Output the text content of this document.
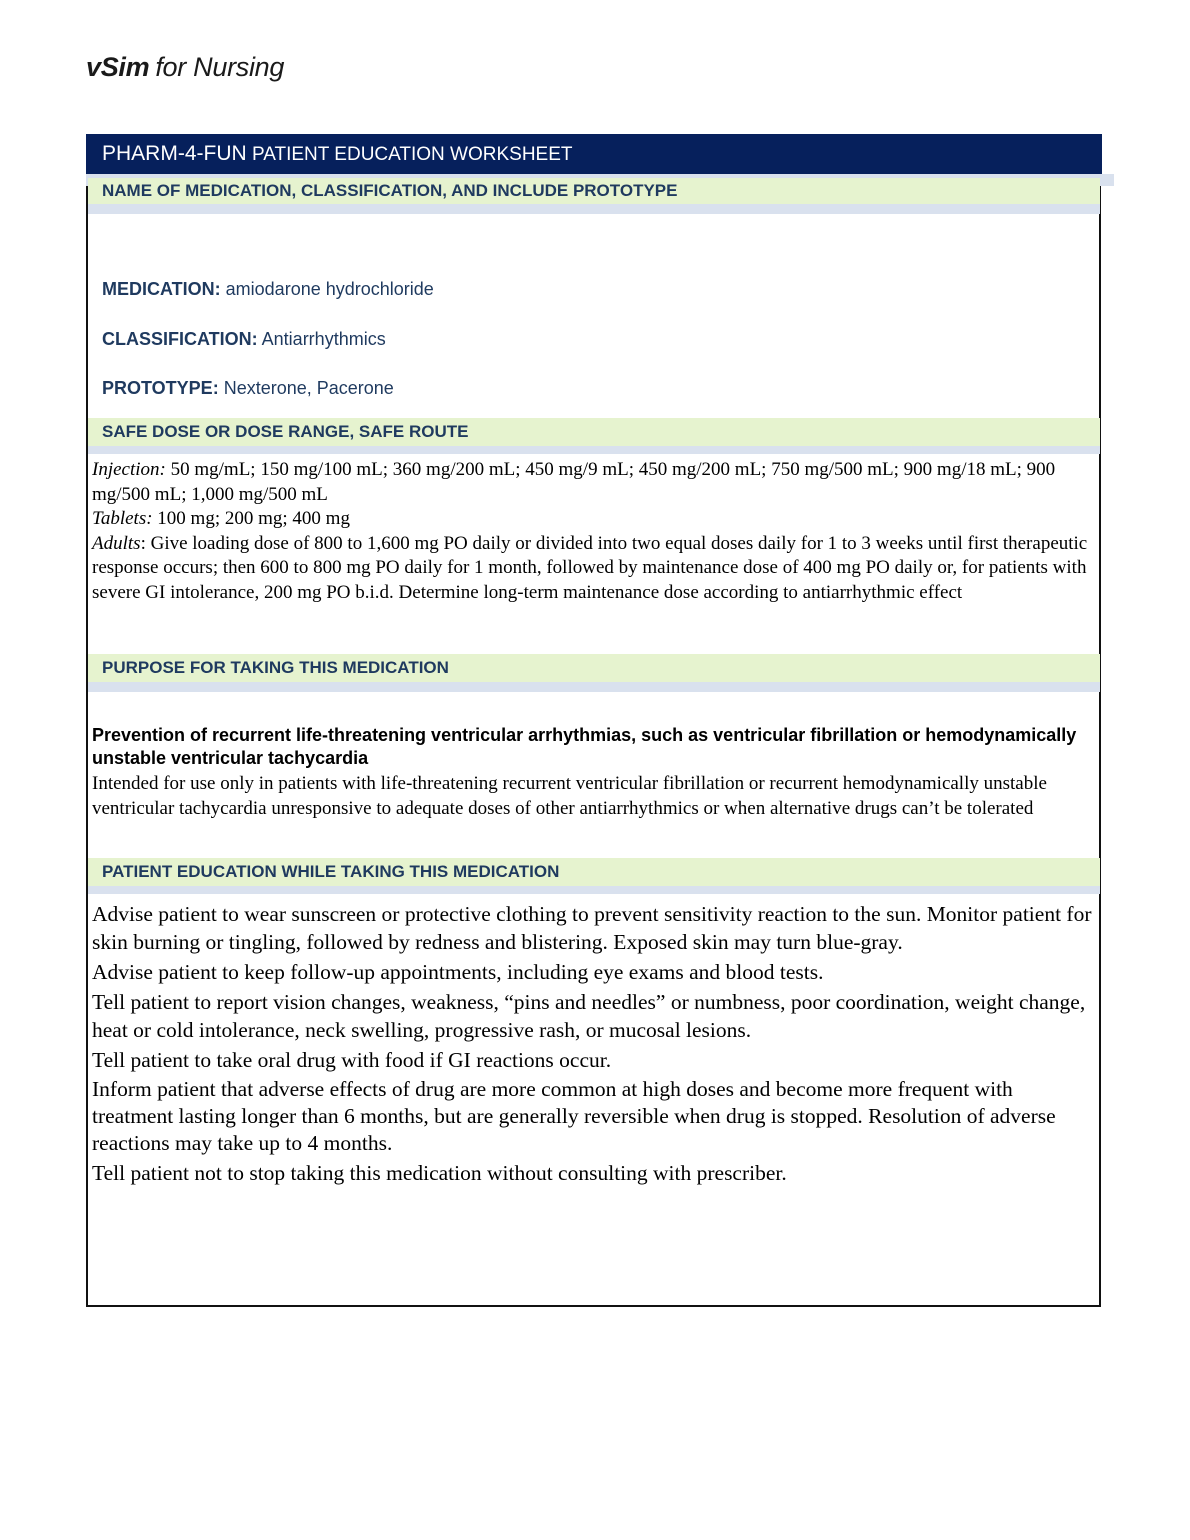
vSim for Nursing
PHARM-4-FUN PATIENT EDUCATION WORKSHEET
NAME OF MEDICATION, CLASSIFICATION, AND INCLUDE PROTOTYPE
MEDICATION: amiodarone hydrochloride
CLASSIFICATION: Antiarrhythmics
PROTOTYPE: Nexterone, Pacerone
SAFE DOSE OR DOSE RANGE, SAFE ROUTE

Injection: 50 mg/mL; 150 mg/100 mL; 360 mg/200 mL; 450 mg/9 mL; 450 mg/200 mL; 750 mg/500 mL; 900 mg/18 mL; 900 mg/500 mL; 1,000 mg/500 mL

Tablets: 100 mg; 200 mg; 400 mg

Adults: Give loading dose of 800 to 1,600 mg PO daily or divided into two equal doses daily for 1 to 3 weeks until first therapeutic response occurs; then 600 to 800 mg PO daily for 1 month, followed by maintenance dose of 400 mg PO daily or, for patients with severe GI intolerance, 200 mg PO b.i.d. Determine long-term maintenance dose according to antiarrhythmic effect

PURPOSE FOR TAKING THIS MEDICATION

Prevention of recurrent life-threatening ventricular arrhythmias, such as ventricular fibrillation or hemodynamically unstable ventricular tachycardia

Intended for use only in patients with life-threatening recurrent ventricular fibrillation or recurrent hemodynamically unstable ventricular tachycardia unresponsive to adequate doses of other antiarrhythmics or when alternative drugs can’t be tolerated

PATIENT EDUCATION WHILE TAKING THIS MEDICATION

Advise patient to wear sunscreen or protective clothing to prevent sensitivity reaction to the sun. Monitor patient for skin burning or tingling, followed by redness and blistering. Exposed skin may turn blue-gray.

Advise patient to keep follow-up appointments, including eye exams and blood tests.

Tell patient to report vision changes, weakness, “pins and needles” or numbness, poor coordination, weight change, heat or cold intolerance, neck swelling, progressive rash, or mucosal lesions.

Tell patient to take oral drug with food if GI reactions occur.

Inform patient that adverse effects of drug are more common at high doses and become more frequent with treatment lasting longer than 6 months, but are generally reversible when drug is stopped. Resolution of adverse reactions may take up to 4 months.

Tell patient not to stop taking this medication without consulting with prescriber.
